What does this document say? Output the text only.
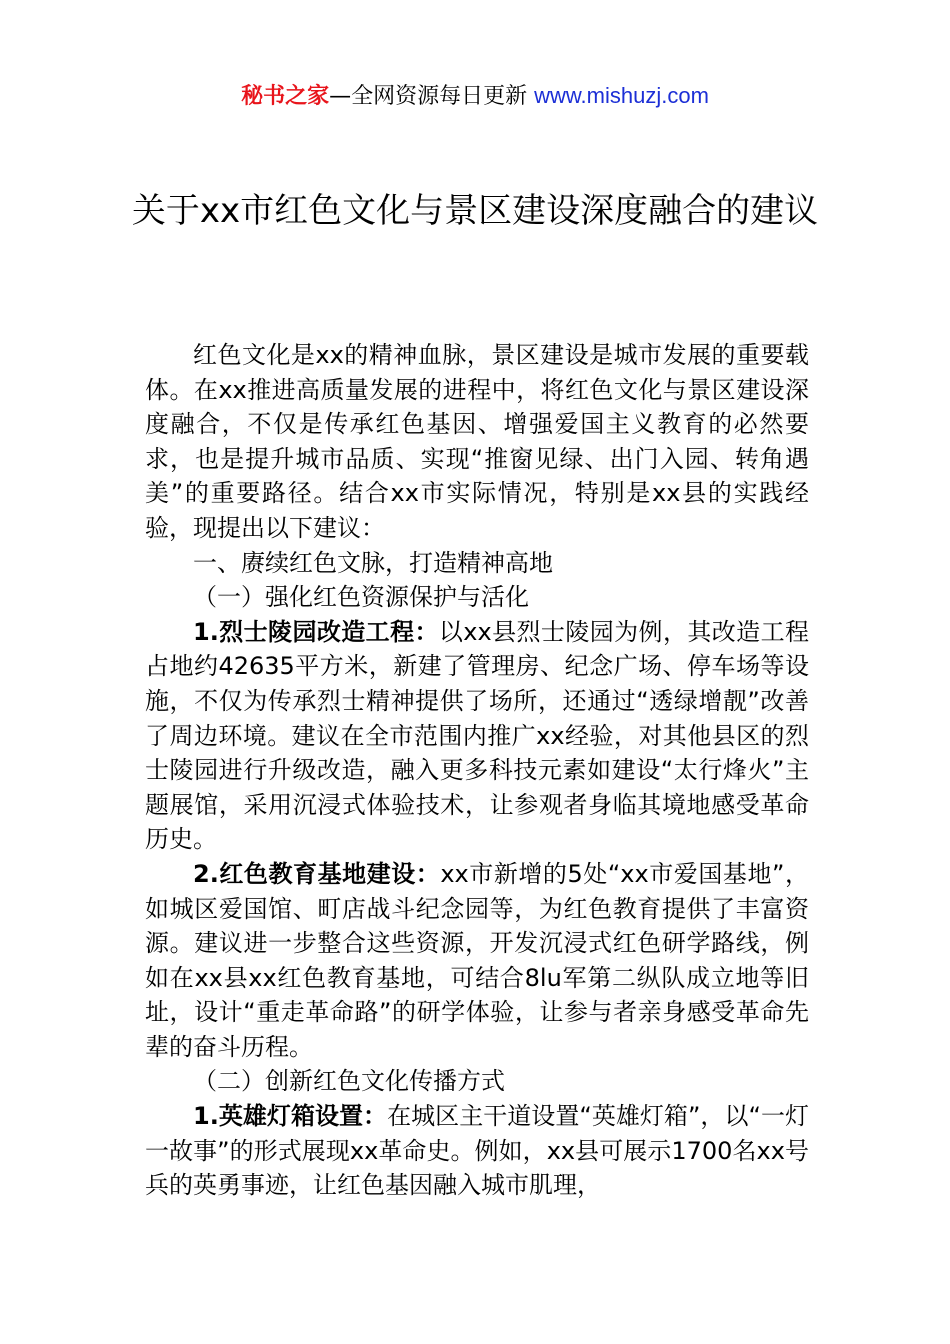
秘书之家—全网资源每日更新 www.mishuzj.com
关于xx市红色文化与景区建设深度融合的建议

红色文化是xx的精神血脉，景区建设是城市发展的重要载体。在xx推进高质量发展的进程中，将红色文化与景区建设深度融合，不仅是传承红色基因、增强爱国主义教育的必然要求，也是提升城市品质、实现“推窗见绿、出门入园、转角遇美”的重要路径。结合xx市实际情况，特别是xx县的实践经验，现提出以下建议：

一、赓续红色文脉，打造精神高地

（一）强化红色资源保护与活化

1.烈士陵园改造工程：以xx县烈士陵园为例，其改造工程占地约42635平方米，新建了管理房、纪念广场、停车场等设施，不仅为传承烈士精神提供了场所，还通过“透绿增靓”改善了周边环境。建议在全市范围内推广xx经验，对其他县区的烈士陵园进行升级改造，融入更多科技元素如建设“太行烽火”主题展馆，采用沉浸式体验技术，让参观者身临其境地感受革命历史。

2.红色教育基地建设：xx市新增的5处“xx市爱国基地”，如城区爱国馆、町店战斗纪念园等，为红色教育提供了丰富资源。建议进一步整合这些资源，开发沉浸式红色研学路线，例如在xx县xx红色教育基地，可结合8lu军第二纵队成立地等旧址，设计“重走革命路”的研学体验，让参与者亲身感受革命先辈的奋斗历程。

（二）创新红色文化传播方式

1.英雄灯箱设置：在城区主干道设置“英雄灯箱”，以“一灯一故事”的形式展现xx革命史。例如，xx县可展示1700名xx号兵的英勇事迹，让红色基因融入城市肌理，
